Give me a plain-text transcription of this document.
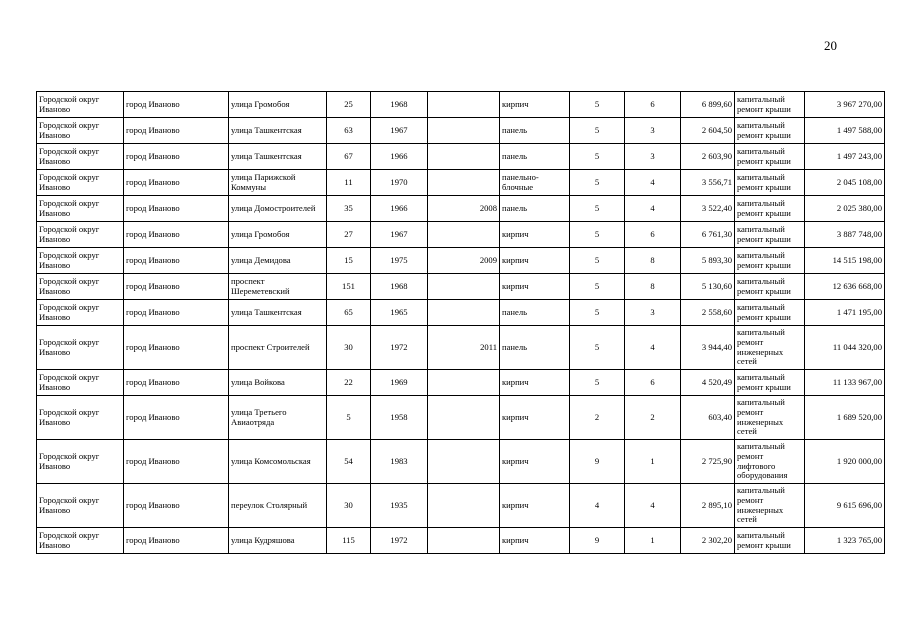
20
Городской округ Иваново	город Иваново	улица Громобоя	25	1968		кирпич	5	6	6 899,60	капитальный ремонт крыши	3 967 270,00
Городской округ Иваново	город Иваново	улица Ташкентская	63	1967		панель	5	3	2 604,50	капитальный ремонт крыши	1 497 588,00
Городской округ Иваново	город Иваново	улица Ташкентская	67	1966		панель	5	3	2 603,90	капитальный ремонт крыши	1 497 243,00
Городской округ Иваново	город Иваново	улица Парижской Коммуны	11	1970		панельно-блочные	5	4	3 556,71	капитальный ремонт крыши	2 045 108,00
Городской округ Иваново	город Иваново	улица Домостроителей	35	1966	2008	панель	5	4	3 522,40	капитальный ремонт крыши	2 025 380,00
Городской округ Иваново	город Иваново	улица Громобоя	27	1967		кирпич	5	6	6 761,30	капитальный ремонт крыши	3 887 748,00
Городской округ Иваново	город Иваново	улица Демидова	15	1975	2009	кирпич	5	8	5 893,30	капитальный ремонт крыши	14 515 198,00
Городской округ Иваново	город Иваново	проспект Шереметевский	151	1968		кирпич	5	8	5 130,60	капитальный ремонт крыши	12 636 668,00
Городской округ Иваново	город Иваново	улица Ташкентская	65	1965		панель	5	3	2 558,60	капитальный ремонт крыши	1 471 195,00
Городской округ Иваново	город Иваново	проспект Строителей	30	1972	2011	панель	5	4	3 944,40	капитальный ремонт инженерных сетей	11 044 320,00
Городской округ Иваново	город Иваново	улица Войкова	22	1969		кирпич	5	6	4 520,49	капитальный ремонт крыши	11 133 967,00
Городской округ Иваново	город Иваново	улица Третьего Авиаотряда	5	1958		кирпич	2	2	603,40	капитальный ремонт инженерных сетей	1 689 520,00
Городской округ Иваново	город Иваново	улица Комсомольская	54	1983		кирпич	9	1	2 725,90	капитальный ремонт лифтового оборудования	1 920 000,00
Городской округ Иваново	город Иваново	переулок Столярный	30	1935		кирпич	4	4	2 895,10	капитальный ремонт инженерных сетей	9 615 696,00
Городской округ Иваново	город Иваново	улица Кудряшова	115	1972		кирпич	9	1	2 302,20	капитальный ремонт крыши	1 323 765,00
